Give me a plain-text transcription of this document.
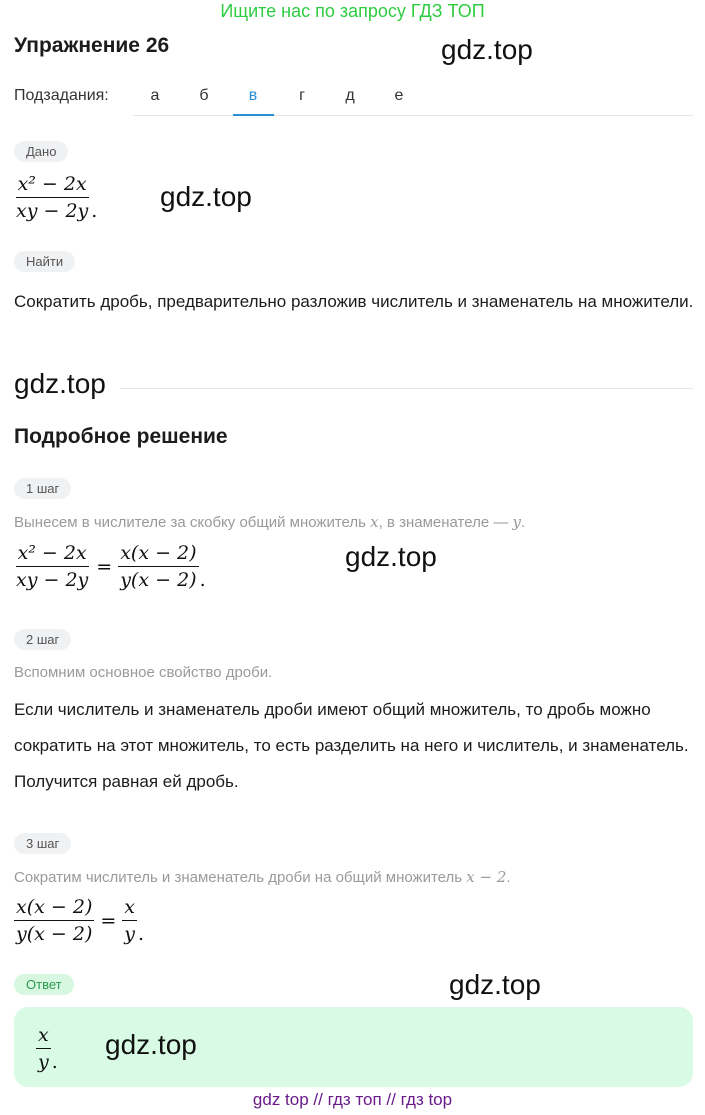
Ищите нас по запросу ГДЗ ТОП
Упражнение 26	gdz.top
Подзадания:	а	б	в	г	д	е
Дано
$\frac{\text{x² − 2x}}{xy - 2y}$ . gdz.top
Найти
Сократить дробь, предварительно разложив числитель и знаменатель на множители.
gdz.top
Подробное решение
1 шаг
Вынесем в числителе за скобку общий множитель x, в знаменателе — y.
$\frac{\text{x² − 2x}}{xy - 2y} = \frac{x(x - 2)}{y(x - 2)}$ .
gdz.top
2 шаг
Вспомним основное свойство дроби.
Если числитель и знаменатель дроби имеют общий множитель, то дробь можно сократить на этот множитель, то есть разделить на него и числитель, и знаменатель. Получится равная ей дробь.
3 шаг
Сократим числитель и знаменатель дроби на общий множитель x − 2.
$\frac{x(x - 2)}{y(x - 2)} = \frac{x}{y}$ .
Ответ	gdz.top
$\frac{x}{y}$ .
gdz.top
gdz top // гдз топ // гдз top
